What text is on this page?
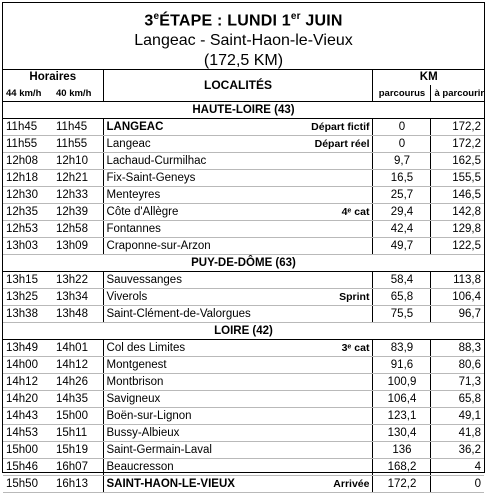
3eÉTAPE : LUNDI 1er JUIN
Langeac - Saint-Haon-le-Vieux
(172,5 KM)
Horaires		LOCALITÉS	KM	
44 km/h	40 km/h		parcourus	à parcourir
HAUTE-LOIRE (43)				
11h45	11h45	LANGEAC Départ fictif	0	172,2
11h55	11h55	Langeac Départ réel	0	172,2
12h08	12h10	Lachaud-Curmilhac	9,7	162,5
12h18	12h21	Fix-Saint-Geneys	16,5	155,5
12h30	12h33	Menteyres	25,7	146,5
12h35	12h39	Côte d'Allègre 4ᵉ cat	29,4	142,8
12h53	12h58	Fontannes	42,4	129,8
13h03	13h09	Craponne-sur-Arzon	49,7	122,5
PUY-DE-DÔME (63)				
13h15	13h22	Sauvessanges	58,4	113,8
13h25	13h34	Viverols Sprint	65,8	106,4
13h38	13h48	Saint-Clément-de-Valorgues	75,5	96,7
LOIRE (42)				
13h49	14h01	Col des Limites 3ᵉ cat	83,9	88,3
14h00	14h12	Montgenest	91,6	80,6
14h12	14h26	Montbrison	100,9	71,3
14h20	14h35	Savigneux	106,4	65,8
14h43	15h00	Boën-sur-Lignon	123,1	49,1
14h53	15h11	Bussy-Albieux	130,4	41,8
15h00	15h19	Saint-Germain-Laval	136	36,2
15h46	16h07	Beaucresson	168,2	4
15h50	16h13	SAINT-HAON-LE-VIEUX Arrivée	172,2	0
